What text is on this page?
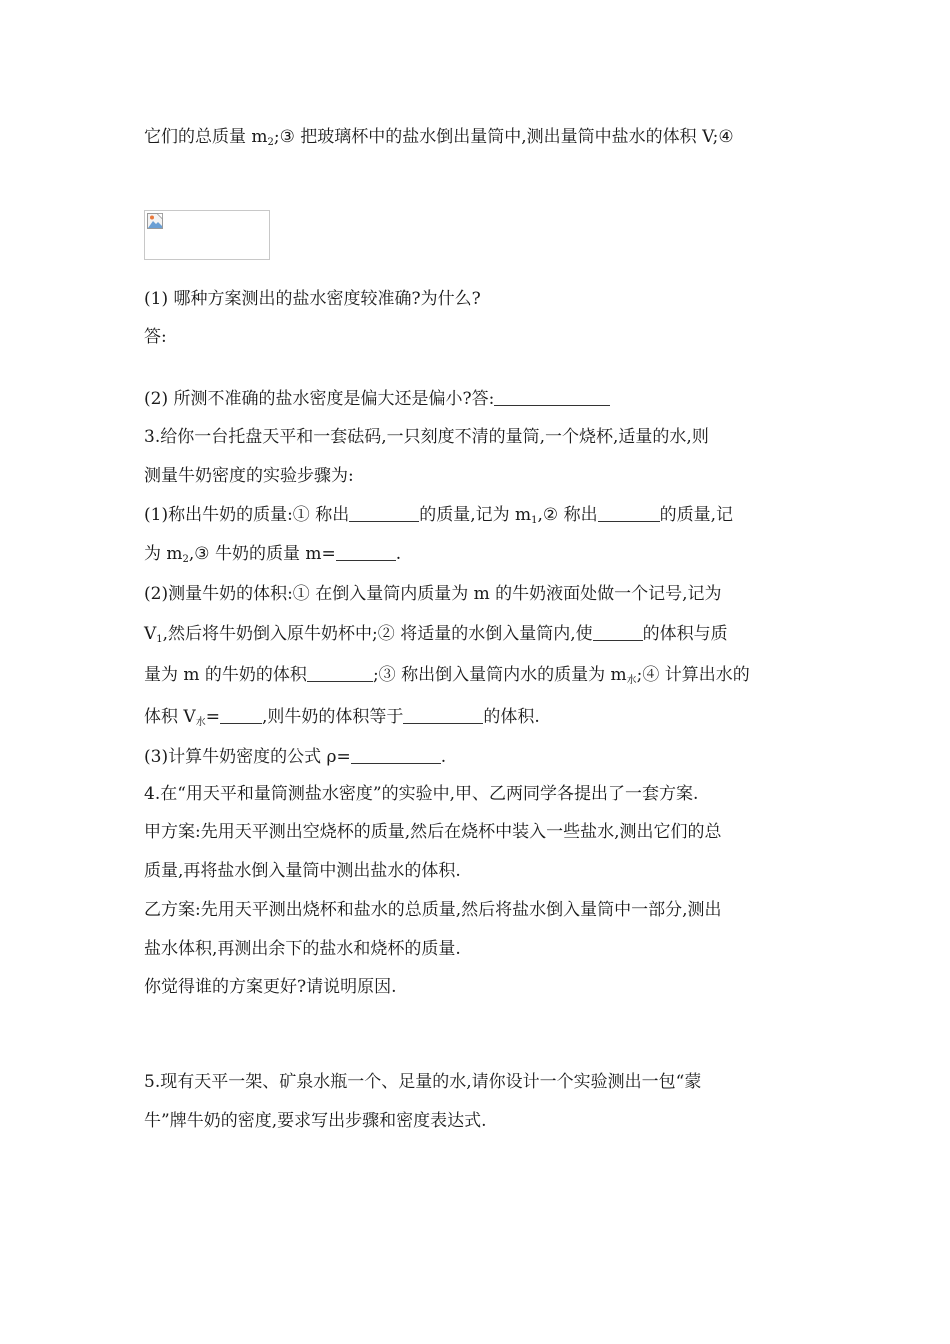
它们的总质量 $m_2;③$ 把玻璃杯中的盐水倒出量筒中,测出量筒中盐水的体积 V;④
(1) 哪种方案测出的盐水密度较准确?为什么?
答:
(2) 所测不准确的盐水密度是偏大还是偏小?答:
3.给你一台托盘天平和一套砝码,一只刻度不清的量筒,一个烧杯,适量的水,则
测量牛奶密度的实验步骤为:
(1)称出牛奶的质量:① 称出	的质量,记为 $m_1,②$ 称出	的质量,记
为 $m_2,③$ 牛奶的质量 m=	.
(2)测量牛奶的体积:① 在倒入量筒内质量为 m 的牛奶液面处做一个记号,记为
$V_1$,然后将牛奶倒入原牛奶杯中;② 将适量的水倒入量筒内,使	的体积与质
量为 m 的牛奶的体积	;③ 称出倒入量筒内水的质量为 $m_水;④$ 计算出水的
体积 $V_水=$ ,则牛奶的体积等于	的体积.
(3)计算牛奶密度的公式 ρ=	.
4.在“用天平和量筒测盐水密度”的实验中,甲、乙两同学各提出了一套方案.
甲方案:先用天平测出空烧杯的质量,然后在烧杯中装入一些盐水,测出它们的总
质量,再将盐水倒入量筒中测出盐水的体积.
乙方案:先用天平测出烧杯和盐水的总质量,然后将盐水倒入量筒中一部分,测出
盐水体积,再测出余下的盐水和烧杯的质量.
你觉得谁的方案更好?请说明原因.
5.现有天平一架、矿泉水瓶一个、足量的水,请你设计一个实验测出一包“蒙
牛”牌牛奶的密度,要求写出步骤和密度表达式.
